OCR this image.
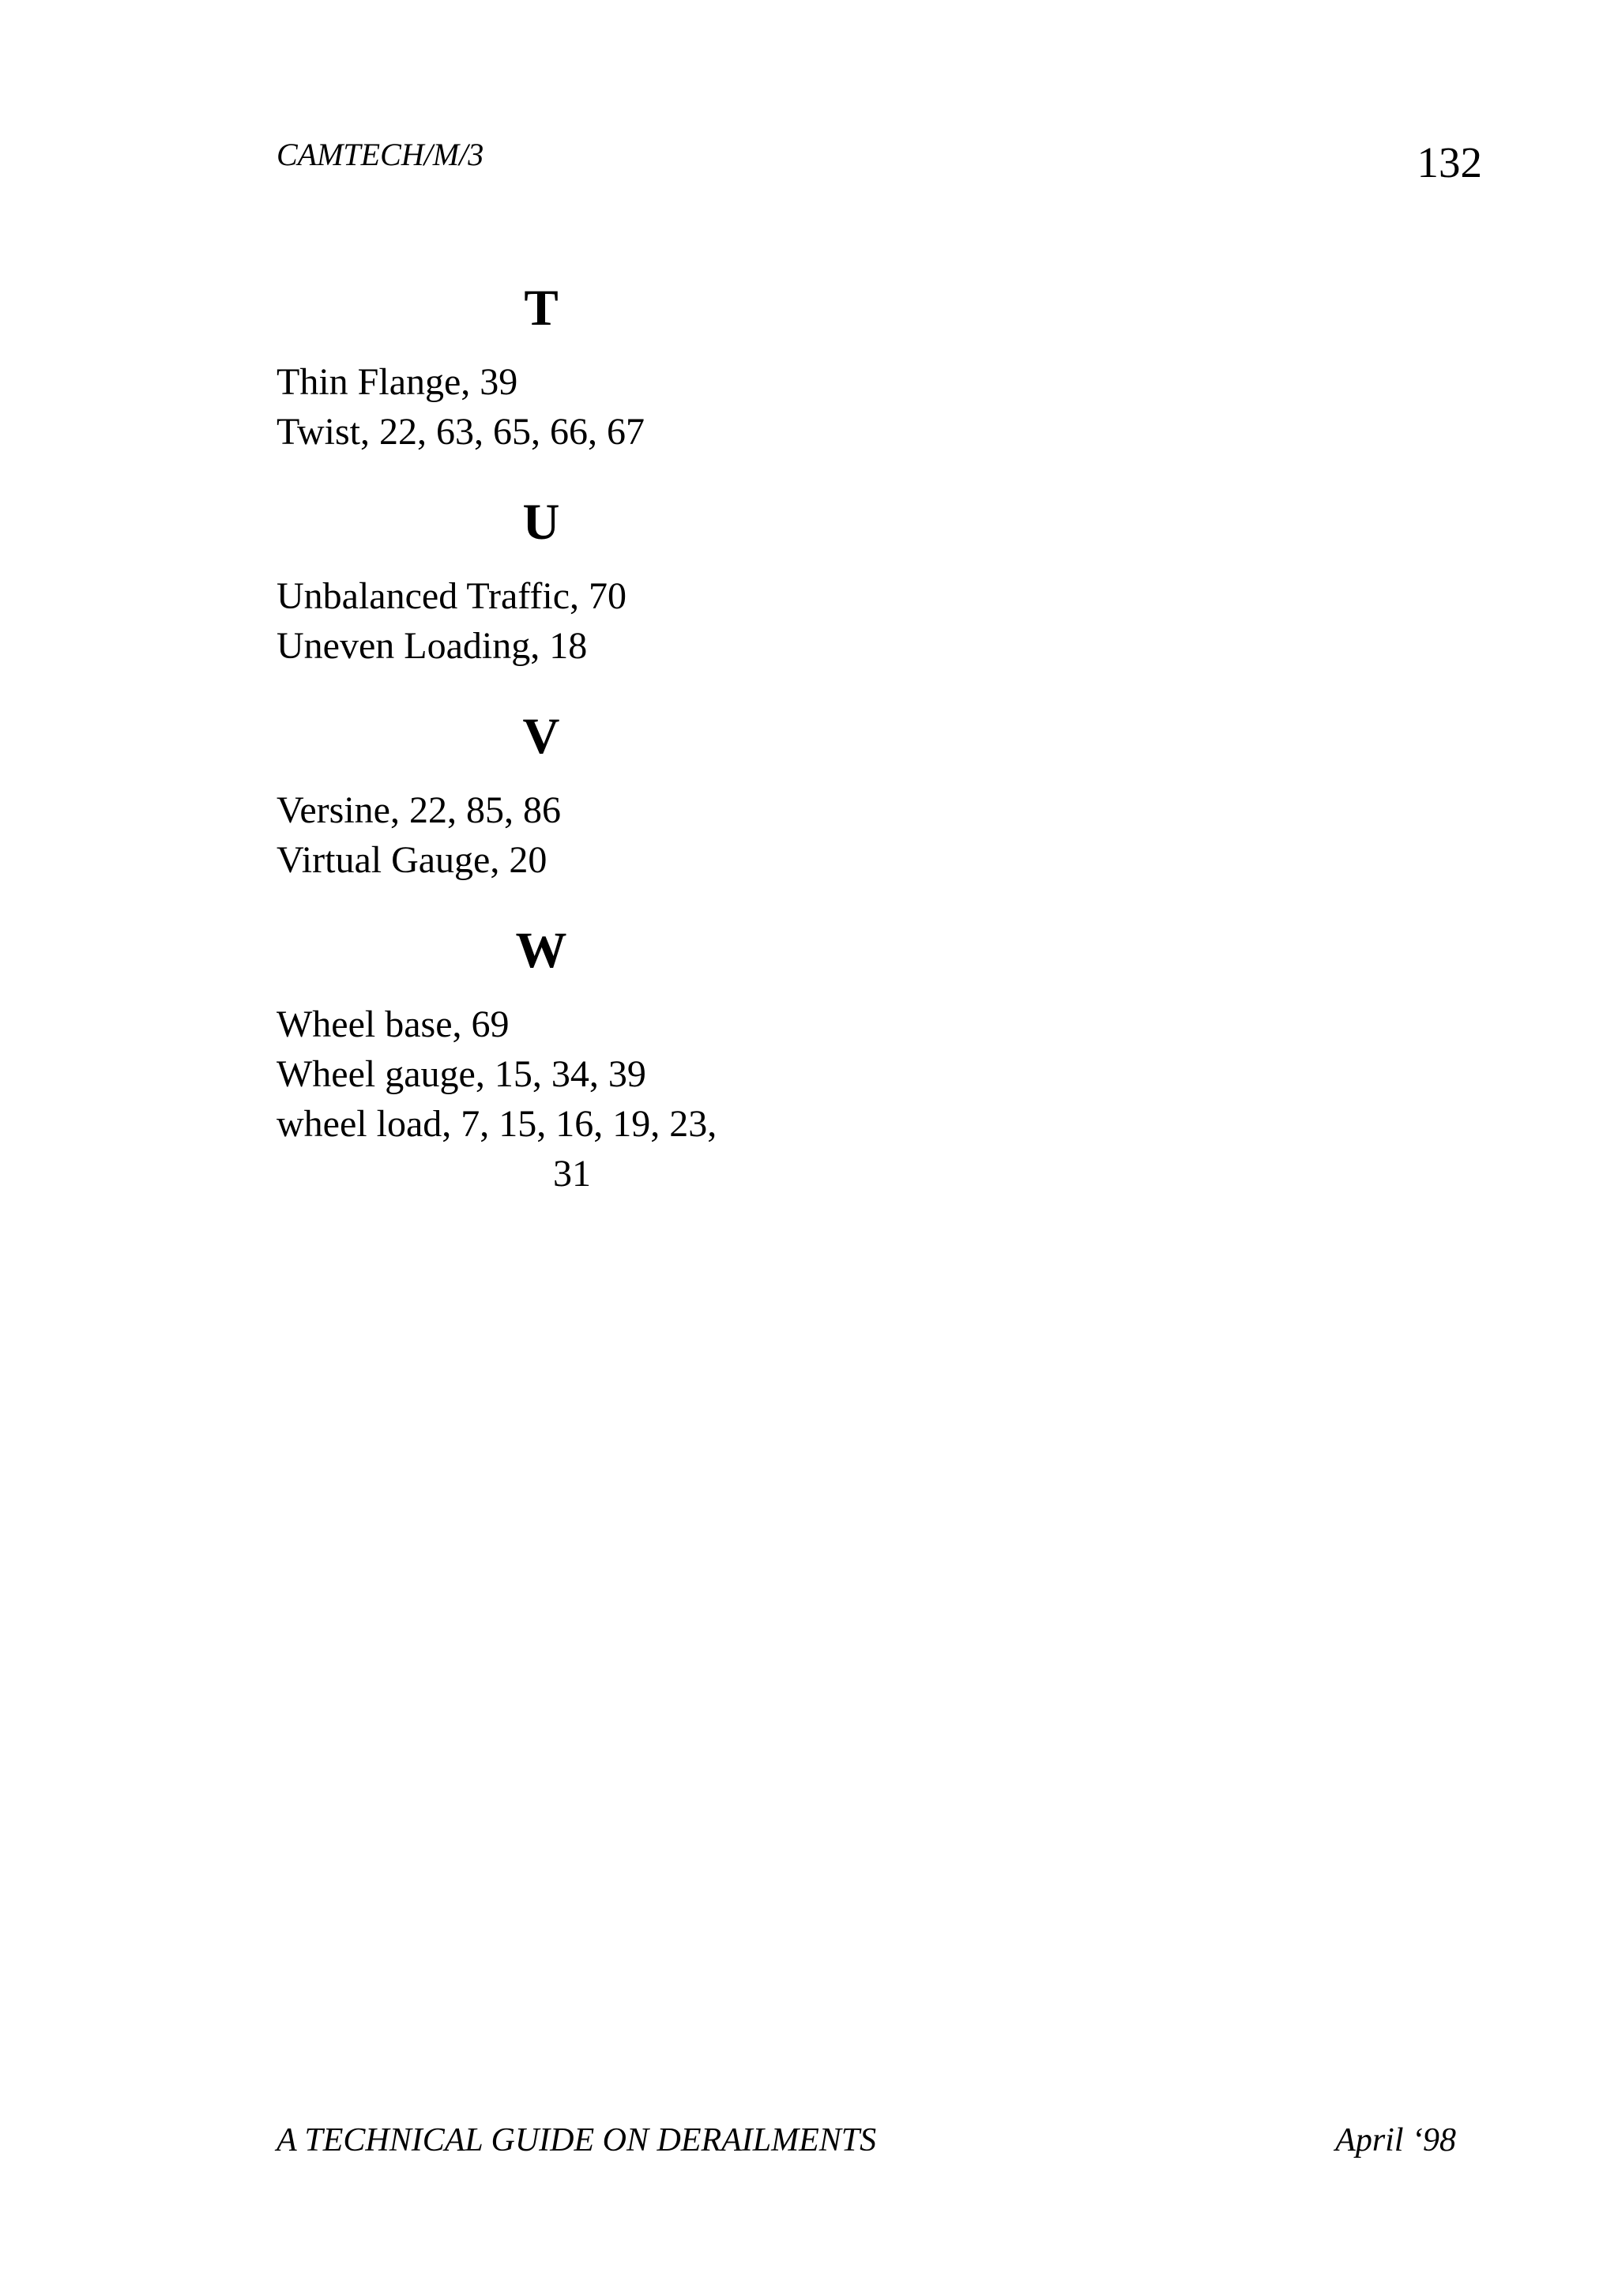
CAMTECH/M/3	132
T
Thin Flange, 39
Twist, 22, 63, 65, 66, 67
U
Unbalanced Traffic, 70
Uneven Loading, 18
V
Versine, 22, 85, 86
Virtual Gauge, 20
W
Wheel base, 69
Wheel gauge, 15, 34, 39
wheel load, 7, 15, 16, 19, 23,
31
A TECHNICAL GUIDE ON DERAILMENTS	April ‘98
